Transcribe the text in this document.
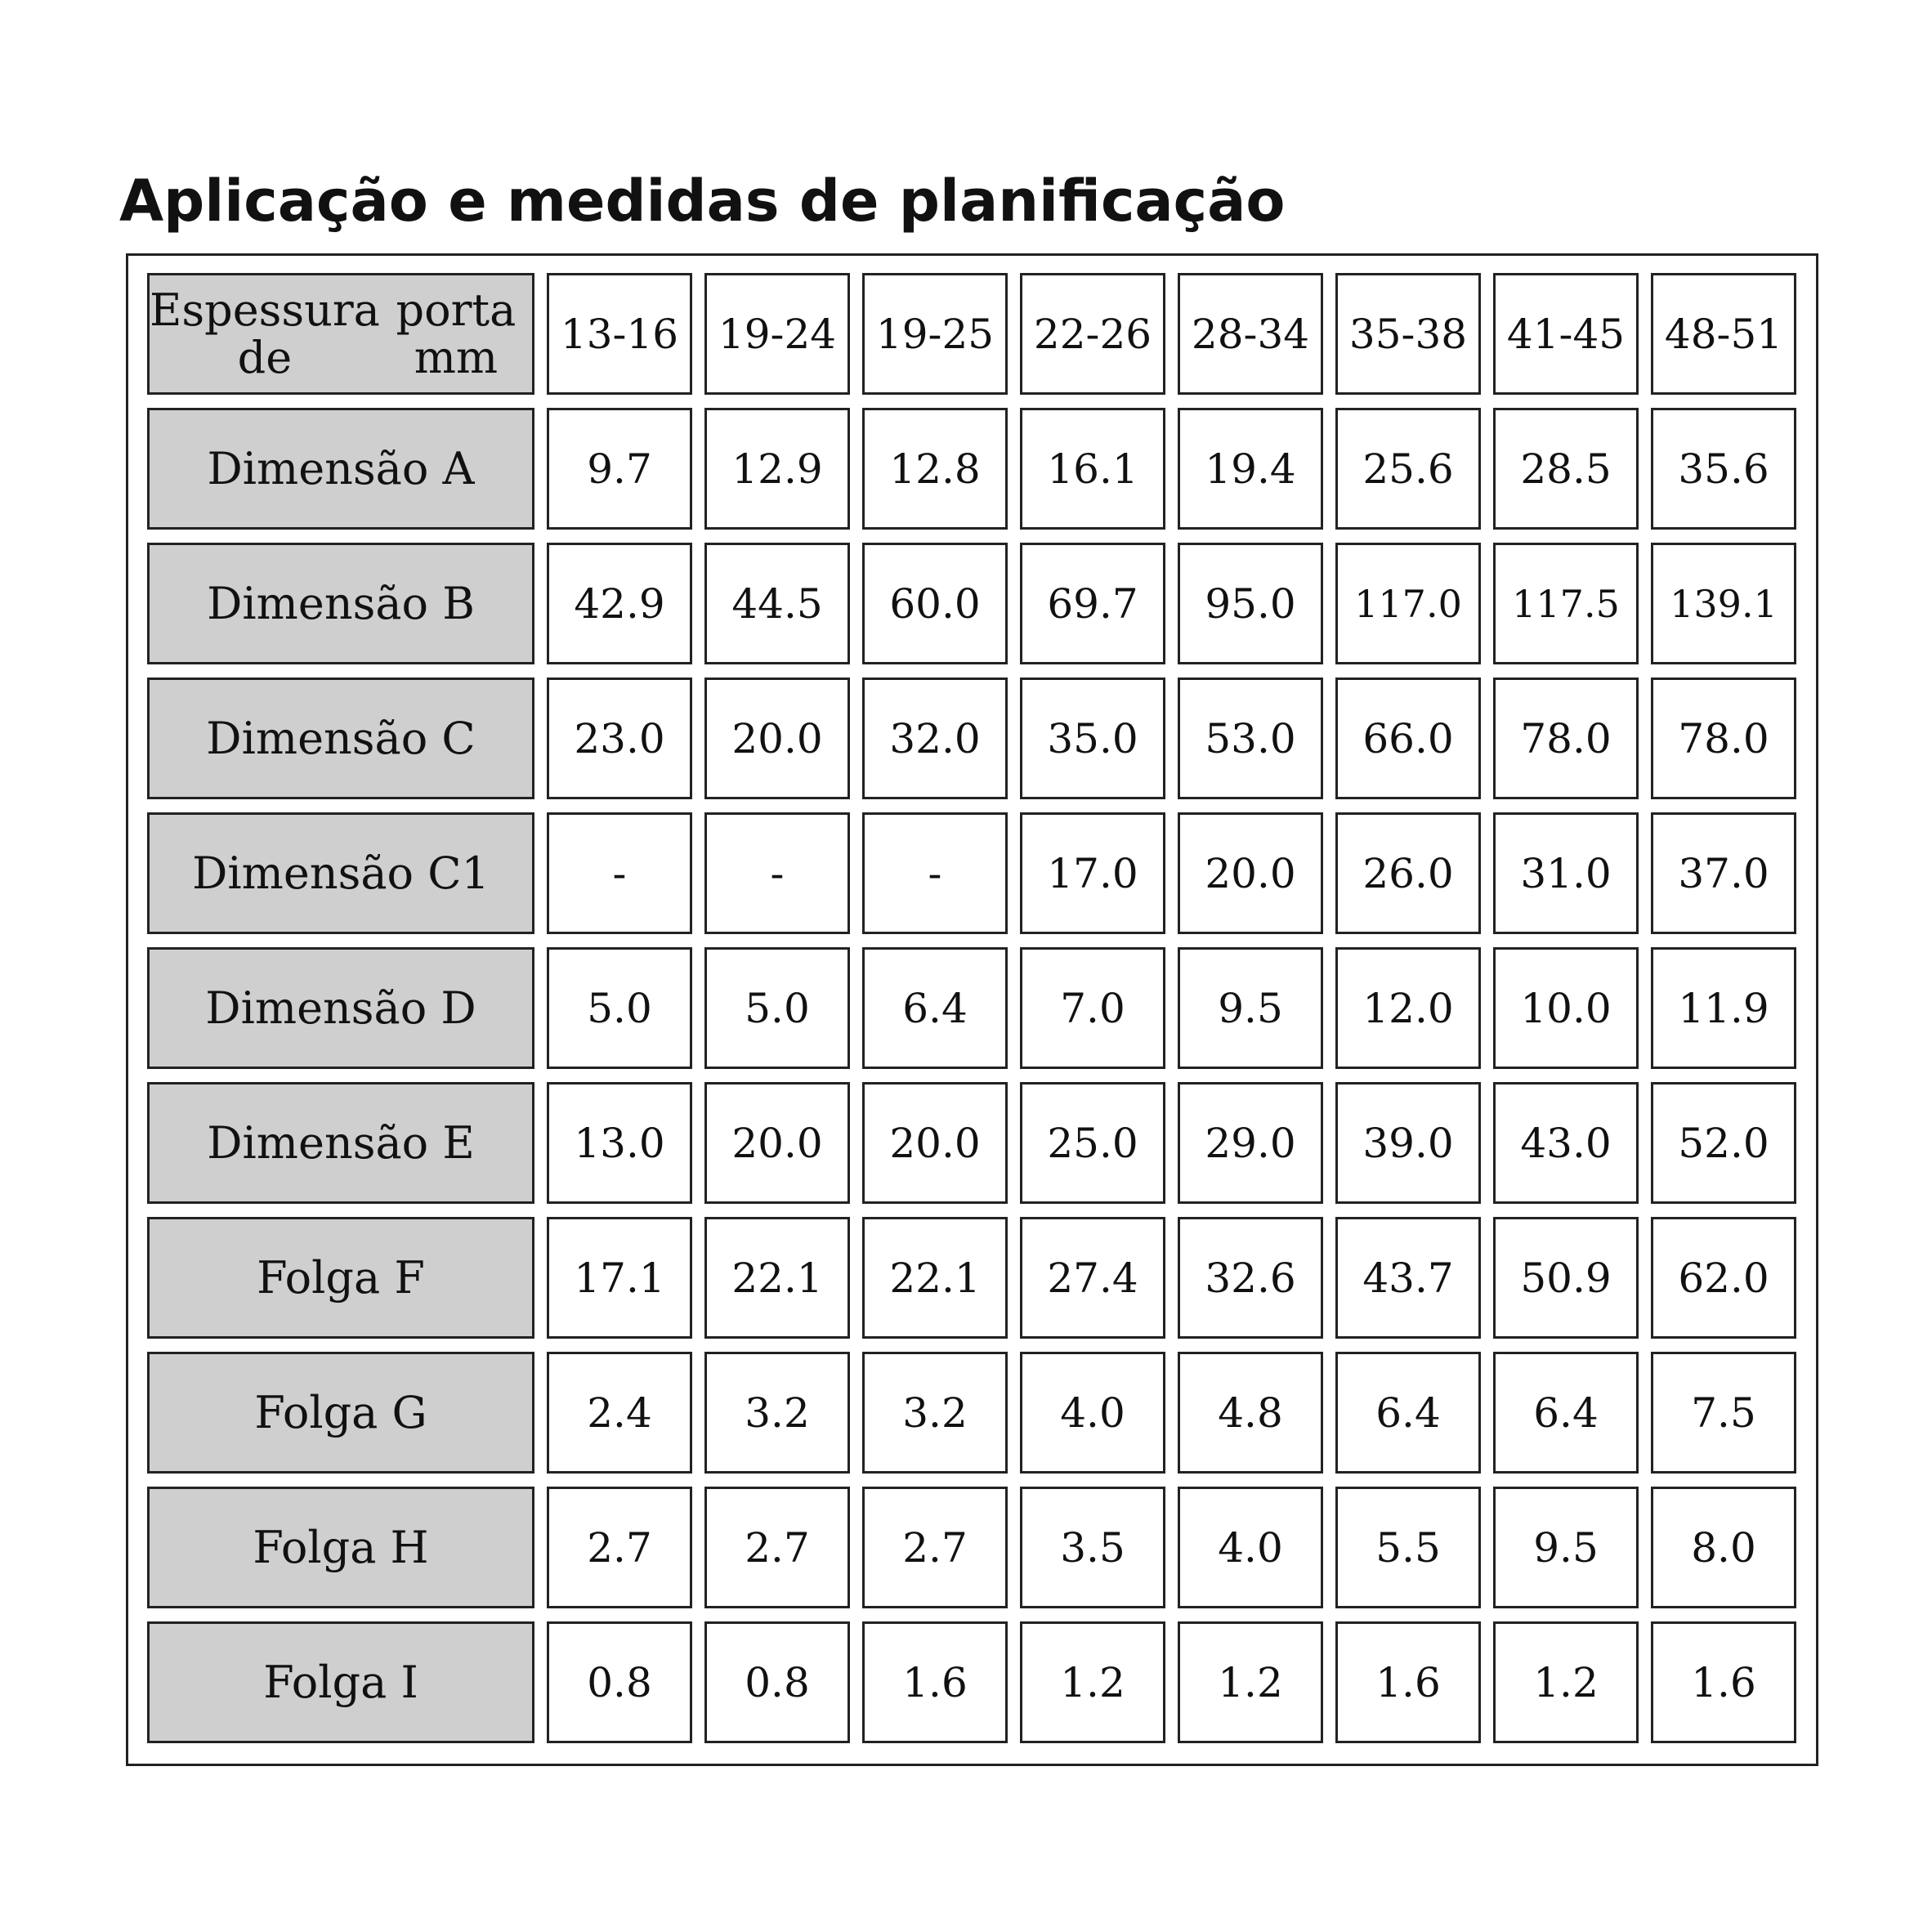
Aplicação e medidas de planificação
Espessura de

porta mm	13-16 19-24 19-25 22-26 28-34 35-38 41-45 48-51
Dimensão A	9.7	12.9	12.8	16.1	19.4	25.6	28.5	35.6
Dimensão B	42.9	44.5	60.0	69.7	95.0	117.0	117.5	139.1
Dimensão C	23.0	20.0	32.0	35.0	53.0	66.0	78.0	78.0
Dimensão C1	-	-	-	17.0	20.0	26.0	31.0	37.0
Dimensão D	5.0	5.0	6.4	7.0	9.5	12.0	10.0	11.9
Dimensão E	13.0	20.0	20.0	25.0	29.0	39.0	43.0	52.0
Folga F	17.1	22.1	22.1	27.4	32.6	43.7	50.9	62.0
Folga G	2.4	3.2	3.2	4.0	4.8	6.4	6.4	7.5
Folga H	2.7	2.7	2.7	3.5	4.0	5.5	9.5	8.0
Folga I	0.8	0.8	1.6	1.2	1.2	1.6	1.2	1.6
